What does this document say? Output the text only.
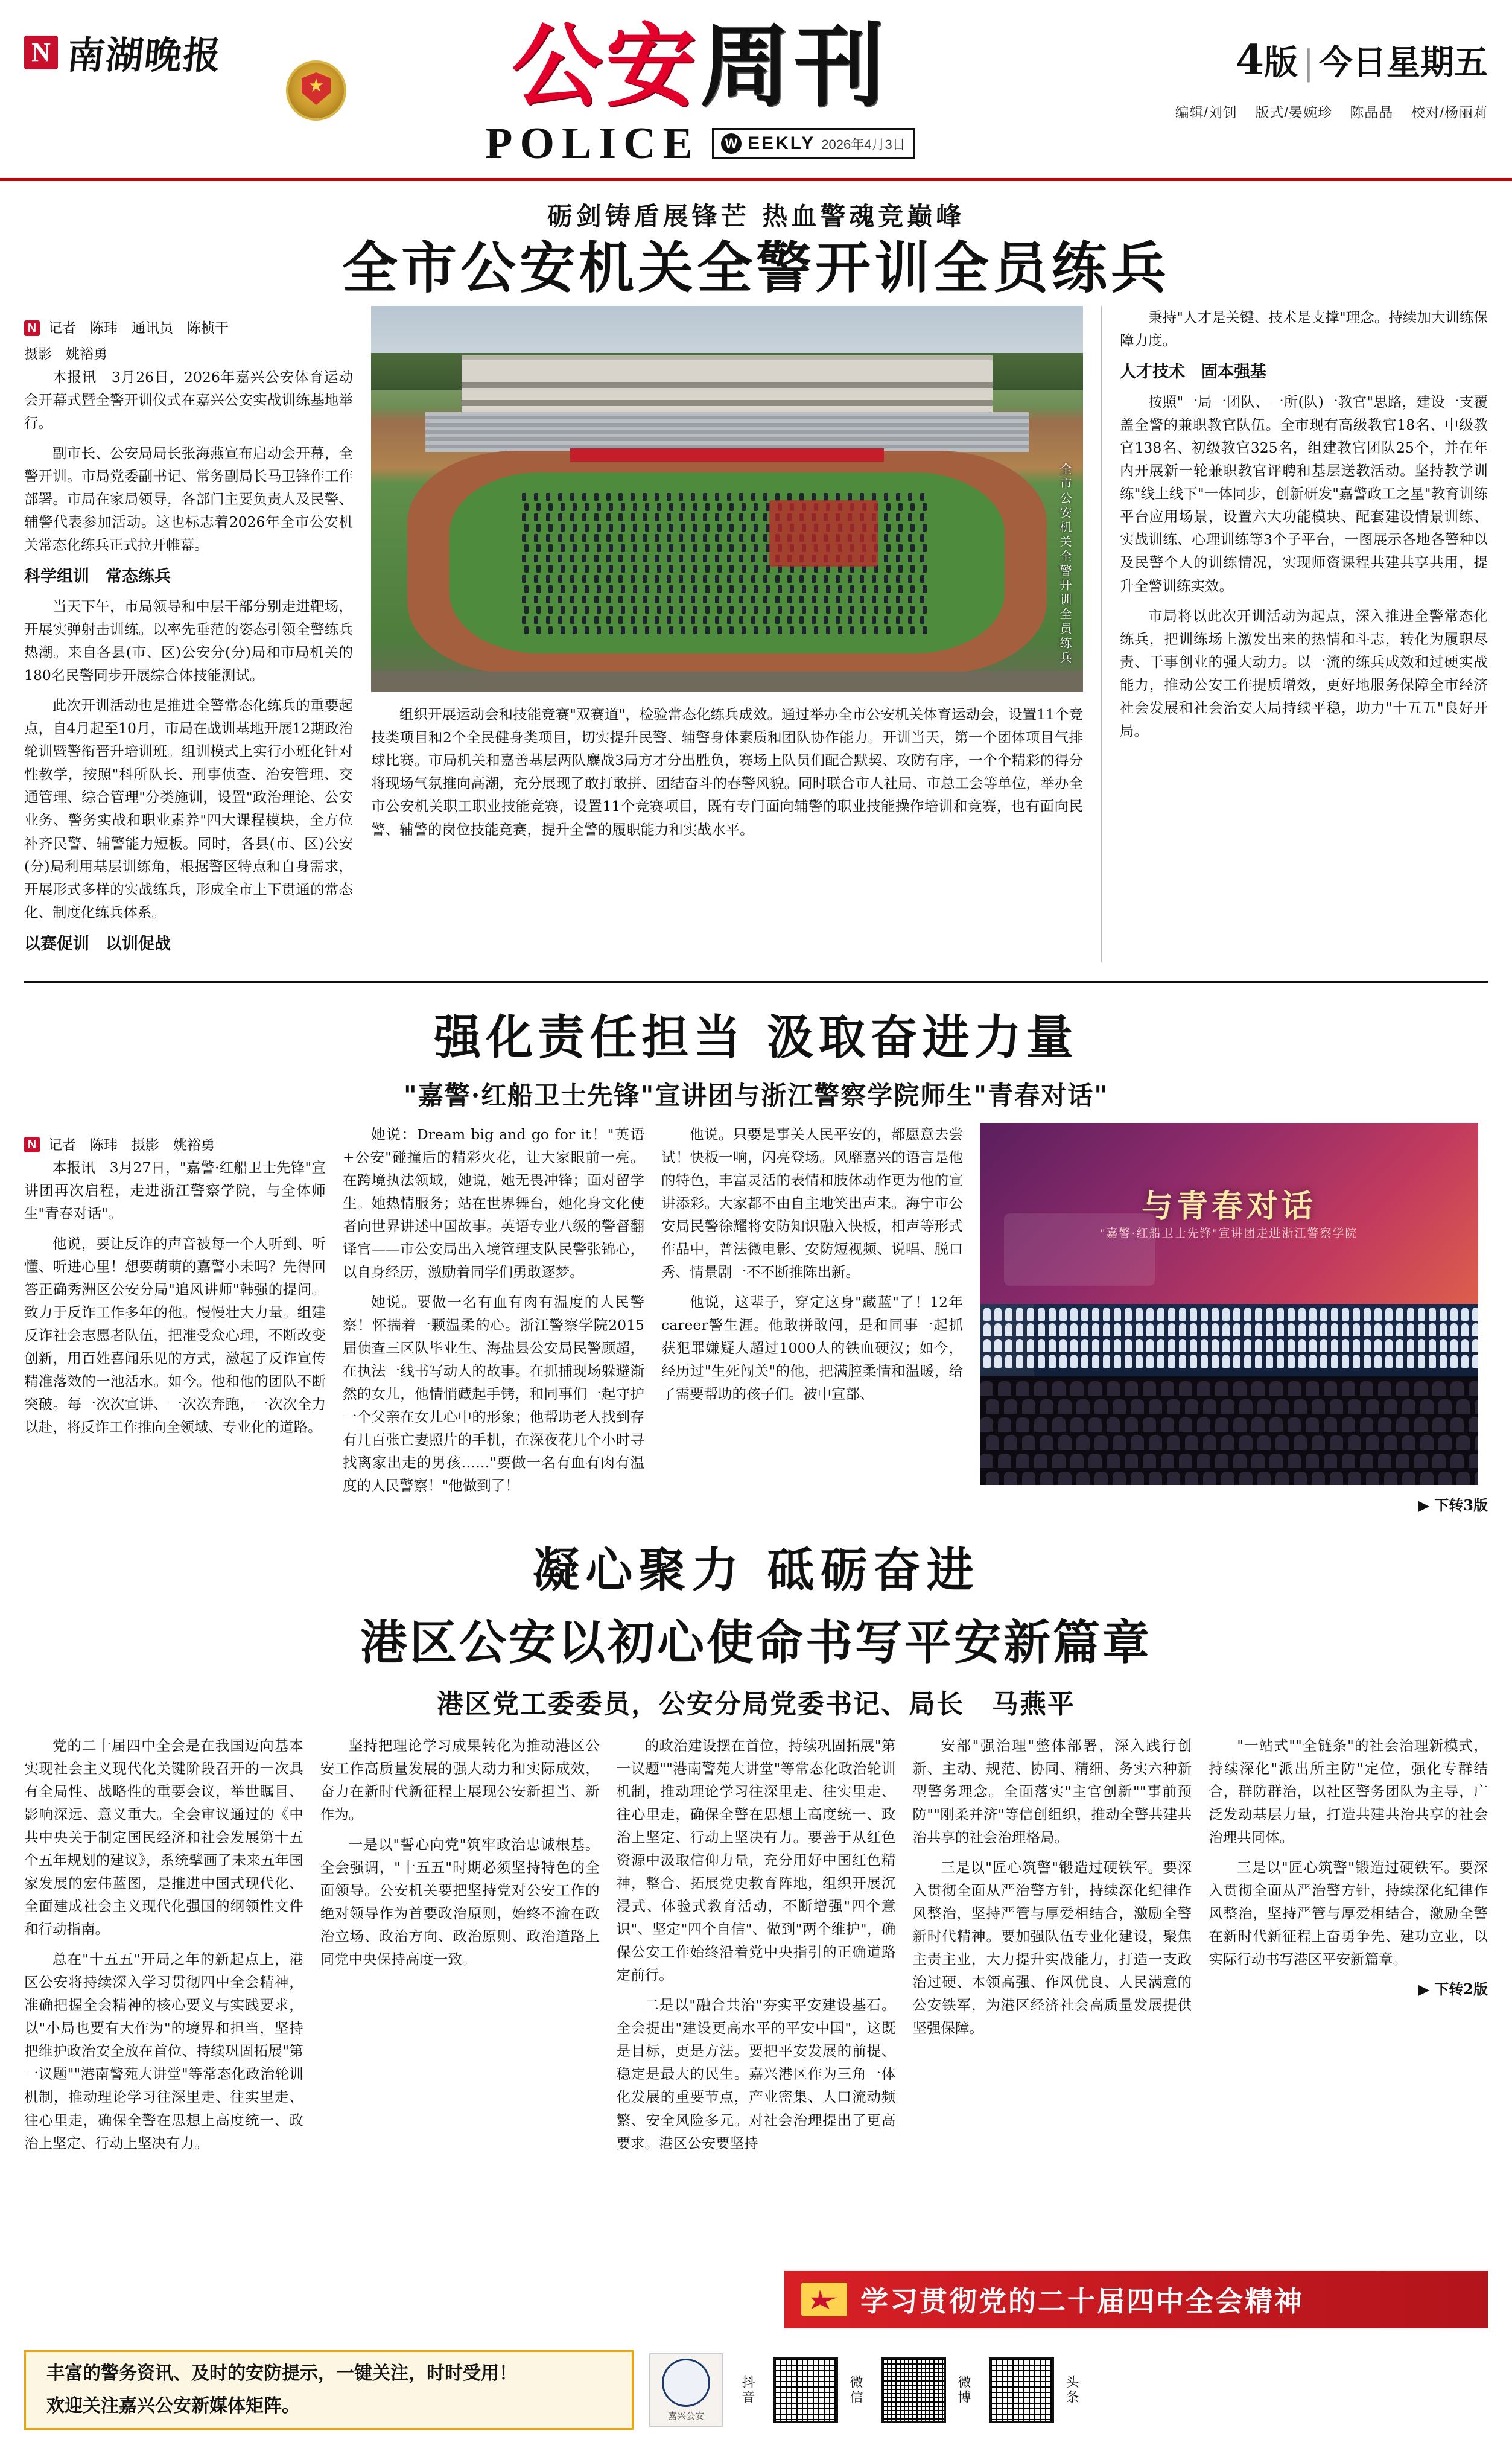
N 南湖晚报	公安周刊
POLICE	W EEKLY 2026年4月3日
4版 | 今日星期五
编辑/刘钊 版式/晏婉珍 陈晶晶 校对/杨丽莉
砺剑铸盾展锋芒 热血警魂竞巅峰
全市公安机关全警开训全员练兵
N 记者　陈玮　通讯员　陈桢干
摄影　姚裕勇

本报讯　3月26日，2026年嘉兴公安体育运动会开幕式暨全警开训仪式在嘉兴公安实战训练基地举行。

副市长、公安局局长张海燕宣布启动会开幕，全警开训。市局党委副书记、常务副局长马卫锋作工作部署。市局在家局领导，各部门主要负责人及民警、辅警代表参加活动。这也标志着2026年全市公安机关常态化练兵正式拉开帷幕。

科学组训　常态练兵

当天下午，市局领导和中层干部分别走进靶场，开展实弹射击训练。以率先垂范的姿态引领全警练兵热潮。来自各县(市、区)公安分(分)局和市局机关的180名民警同步开展综合体技能测试。

此次开训活动也是推进全警常态化练兵的重要起点，自4月起至10月，市局在战训基地开展12期政治轮训暨警衔晋升培训班。组训模式上实行小班化针对性教学，按照"科所队长、刑事侦查、治安管理、交通管理、综合管理"分类施训，设置"政治理论、公安业务、警务实战和职业素养"四大课程模块，全方位补齐民警、辅警能力短板。同时，各县(市、区)公安(分)局利用基层训练角，根据警区特点和自身需求，开展形式多样的实战练兵，形成全市上下贯通的常态化、制度化练兵体系。

以赛促训　以训促战
全市公安机关全警开训全员练兵

组织开展运动会和技能竞赛"双赛道"，检验常态化练兵成效。通过举办全市公安机关体育运动会，设置11个竞技类项目和2个全民健身类项目，切实提升民警、辅警身体素质和团队协作能力。开训当天，第一个团体项目气排球比赛。市局机关和嘉善基层两队鏖战3局方才分出胜负，赛场上队员们配合默契、攻防有序，一个个精彩的得分将现场气氛推向高潮，充分展现了敢打敢拼、团结奋斗的春警风貌。同时联合市人社局、市总工会等单位，举办全市公安机关职工职业技能竞赛，设置11个竞赛项目，既有专门面向辅警的职业技能操作培训和竞赛，也有面向民警、辅警的岗位技能竞赛，提升全警的履职能力和实战水平。

秉持"人才是关键、技术是支撑"理念。持续加大训练保障力度。

人才技术　固本强基

按照"一局一团队、一所(队)一教官"思路，建设一支覆盖全警的兼职教官队伍。全市现有高级教官18名、中级教官138名、初级教官325名，组建教官团队25个，并在年内开展新一轮兼职教官评聘和基层送教活动。坚持教学训练"线上线下"一体同步，创新研发"嘉警政工之星"教育训练平台应用场景，设置六大功能模块、配套建设情景训练、实战训练、心理训练等3个子平台，一图展示各地各警种以及民警个人的训练情况，实现师资课程共建共享共用，提升全警训练实效。

市局将以此次开训活动为起点，深入推进全警常态化练兵，把训练场上激发出来的热情和斗志，转化为履职尽责、干事创业的强大动力。以一流的练兵成效和过硬实战能力，推动公安工作提质增效，更好地服务保障全市经济社会发展和社会治安大局持续平稳，助力"十五五"良好开局。

强化责任担当 汲取奋进力量
"嘉警·红船卫士先锋"宣讲团与浙江警察学院师生"青春对话"
N 记者　陈玮　摄影　姚裕勇

本报讯　3月27日，"嘉警·红船卫士先锋"宣讲团再次启程，走进浙江警察学院，与全体师生"青春对话"。

他说，要让反诈的声音被每一个人听到、听懂、听进心里！想要萌萌的嘉警小未吗？先得回答正确秀洲区公安分局"追风讲师"韩强的提问。致力于反诈工作多年的他。慢慢壮大力量。组建反诈社会志愿者队伍，把准受众心理，不断改变创新，用百姓喜闻乐见的方式，激起了反诈宣传精准落效的一池活水。如今。他和他的团队不断突破。每一次次宣讲、一次次奔跑，一次次全力以赴，将反诈工作推向全领域、专业化的道路。

她说：Dream big and go for it！"英语+公安"碰撞后的精彩火花，让大家眼前一亮。在跨境执法领域，她说，她无畏冲锋；面对留学生。她热情服务；站在世界舞台，她化身文化使者向世界讲述中国故事。英语专业八级的警督翻译官——市公安局出入境管理支队民警张锦心，以自身经历，激励着同学们勇敢逐梦。

她说。要做一名有血有肉有温度的人民警察！怀揣着一颗温柔的心。浙江警察学院2015届侦查三区队毕业生、海盐县公安局民警顾超，在执法一线书写动人的故事。在抓捕现场躲避渐然的女儿，他情悄藏起手铐，和同事们一起守护一个父亲在女儿心中的形象；他帮助老人找到存有几百张亡妻照片的手机，在深夜花几个小时寻找离家出走的男孩……"要做一名有血有肉有温度的人民警察！"他做到了！

他说。只要是事关人民平安的，都愿意去尝试！快板一响，闪亮登场。风靡嘉兴的语言是他的特色，丰富灵活的表情和肢体动作更为他的宣讲添彩。大家都不由自主地笑出声来。海宁市公安局民警徐耀将安防知识融入快板，相声等形式作品中，普法微电影、安防短视频、说唱、脱口秀、情景剧一不不断推陈出新。

他说，这辈子，穿定这身"藏蓝"了！12年career警生涯。他敢拼敢闯，是和同事一起抓获犯罪嫌疑人超过1000人的铁血硬汉；如今，经历过"生死闯关"的他，把满腔柔情和温暖，给了需要帮助的孩子们。被中宣部、

与青春对话
"嘉警·红船卫士先锋"宣讲团走进浙江警察学院
▶ 下转3版
凝心聚力 砥砺奋进
港区公安以初心使命书写平安新篇章
港区党工委委员，公安分局党委书记、局长　马燕平

党的二十届四中全会是在我国迈向基本实现社会主义现代化关键阶段召开的一次具有全局性、战略性的重要会议，举世瞩目、影响深远、意义重大。全会审议通过的《中共中央关于制定国民经济和社会发展第十五个五年规划的建议》，系统擘画了未来五年国家发展的宏伟蓝图，是推进中国式现代化、全面建成社会主义现代化强国的纲领性文件和行动指南。

总在"十五五"开局之年的新起点上，港区公安将持续深入学习贯彻四中全会精神，准确把握全会精神的核心要义与实践要求，以"小局也要有大作为"的境界和担当，坚持把维护政治安全放在首位、持续巩固拓展"第一议题""港南警苑大讲堂"等常态化政治轮训机制，推动理论学习往深里走、往实里走、往心里走，确保全警在思想上高度统一、政治上坚定、行动上坚决有力。

坚持把理论学习成果转化为推动港区公安工作高质量发展的强大动力和实际成效，奋力在新时代新征程上展现公安新担当、新作为。

一是以"誓心向党"筑牢政治忠诚根基。全会强调，"十五五"时期必须坚持特色的全面领导。公安机关要把坚持党对公安工作的绝对领导作为首要政治原则，始终不渝在政治立场、政治方向、政治原则、政治道路上同党中央保持高度一致。

的政治建设摆在首位，持续巩固拓展"第一议题""港南警苑大讲堂"等常态化政治轮训机制，推动理论学习往深里走、往实里走、往心里走，确保全警在思想上高度统一、政治上坚定、行动上坚决有力。要善于从红色资源中汲取信仰力量，充分用好中国红色精神，整合、拓展党史教育阵地，组织开展沉浸式、体验式教育活动，不断增强"四个意识"、坚定"四个自信"、做到"两个维护"，确保公安工作始终沿着党中央指引的正确道路定前行。

二是以"融合共治"夯实平安建设基石。全会提出"建设更高水平的平安中国"，这既是目标，更是方法。要把平安发展的前提、稳定是最大的民生。嘉兴港区作为三角一体化发展的重要节点，产业密集、人口流动频繁、安全风险多元。对社会治理提出了更高要求。港区公安要坚持

安部"强治理"整体部署，深入践行创新、主动、规范、协同、精细、务实六种新型警务理念。全面落实"主官创新""事前预防""刚柔并济"等信创组织，推动全警共建共治共享的社会治理格局。

三是以"匠心筑警"锻造过硬铁军。要深入贯彻全面从严治警方针，持续深化纪律作风整治，坚持严管与厚爱相结合，激励全警新时代精神。要加强队伍专业化建设，聚焦主责主业，大力提升实战能力，打造一支政治过硬、本领高强、作风优良、人民满意的公安铁军，为港区经济社会高质量发展提供坚强保障。

"一站式""全链条"的社会治理新模式，持续深化"派出所主防"定位，强化专群结合，群防群治，以社区警务团队为主导，广泛发动基层力量，打造共建共治共享的社会治理共同体。

三是以"匠心筑警"锻造过硬铁军。要深入贯彻全面从严治警方针，持续深化纪律作风整治，坚持严管与厚爱相结合，激励全警在新时代新征程上奋勇争先、建功立业，以实际行动书写港区平安新篇章。

▶ 下转2版
学习贯彻党的二十届四中全会精神
丰富的警务资讯、及时的安防提示，一键关注，时时受用！
欢迎关注嘉兴公安新媒体矩阵。	嘉兴公安
抖音	微信	微博	头条
